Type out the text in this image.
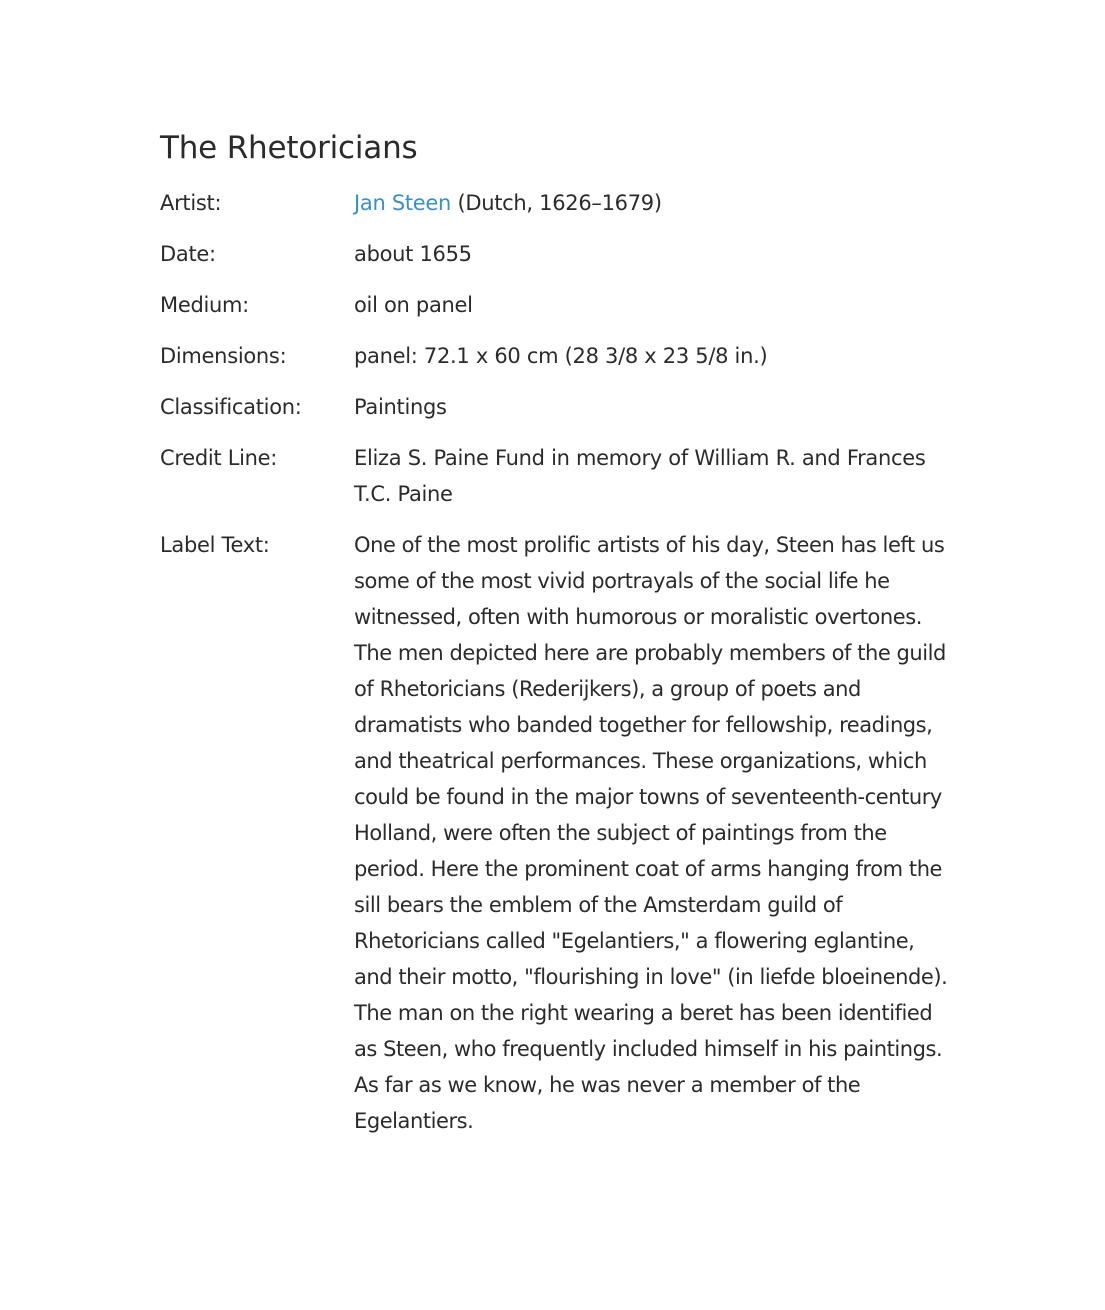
The Rhetoricians
Artist:	Jan Steen (Dutch, 1626–1679)
Date:	about 1655
Medium:	oil on panel
Dimensions:	panel: 72.1 x 60 cm (28 3/8 x 23 5/8 in.)
Classification:	Paintings
Credit Line:	Eliza S. Paine Fund in memory of William R. and Frances T.C. Paine
Label Text:	One of the most prolific artists of his day, Steen has left us some of the most vivid portrayals of the social life he witnessed, often with humorous or moralistic overtones. The men depicted here are probably members of the guild of Rhetoricians (Rederijkers), a group of poets and dramatists who banded together for fellowship, readings, and theatrical performances. These organizations, which could be found in the major towns of seventeenth-century Holland, were often the subject of paintings from the period. Here the prominent coat of arms hanging from the sill bears the emblem of the Amsterdam guild of Rhetoricians called "Egelantiers," a flowering eglantine, and their motto, "flourishing in love" (in liefde bloeinende). The man on the right wearing a beret has been identified as Steen, who frequently included himself in his paintings. As far as we know, he was never a member of the Egelantiers.
